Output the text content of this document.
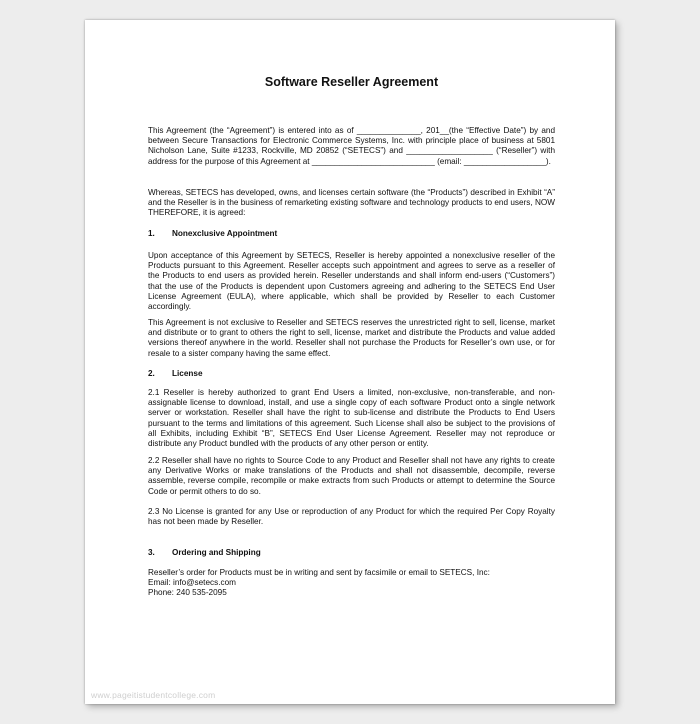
Software Reseller Agreement

This Agreement (the “Agreement”) is entered into as of ______________, 201__(the “Effective Date”) by and between Secure Transactions for Electronic Commerce Systems, Inc. with principle place of business at 5801 Nicholson Lane, Suite #1233, Rockville, MD 20852 (“SETECS”) and ___________________ (“Reseller”) with address for the purpose of this Agreement at ___________________________ (email: __________________).

Whereas, SETECS has developed, owns, and licenses certain software (the “Products”) described in Exhibit “A” and the Reseller is in the business of remarketing existing software and technology products to end users, NOW THEREFORE, it is agreed:

1. Nonexclusive Appointment

Upon acceptance of this Agreement by SETECS, Reseller is hereby appointed a nonexclusive reseller of the Products pursuant to this Agreement. Reseller accepts such appointment and agrees to serve as a reseller of the Products to end users as provided herein. Reseller understands and shall inform end-users (“Customers”) that the use of the Products is dependent upon Customers agreeing and adhering to the SETECS End User License Agreement (EULA), where applicable, which shall be provided by Reseller to each Customer accordingly.

This Agreement is not exclusive to Reseller and SETECS reserves the unrestricted right to sell, license, market and distribute or to grant to others the right to sell, license, market and distribute the Products and value added versions thereof anywhere in the world. Reseller shall not purchase the Products for Reseller’s own use, or for resale to a sister company having the same effect.

2. License

2.1 Reseller is hereby authorized to grant End Users a limited, non-exclusive, non-transferable, and non-assignable license to download, install, and use a single copy of each software Product onto a single network server or workstation. Reseller shall have the right to sub-license and distribute the Products to End Users pursuant to the terms and limitations of this agreement. Such License shall also be subject to the provisions of all Exhibits, including Exhibit “B”, SETECS End User License Agreement. Reseller may not reproduce or distribute any Product bundled with the products of any other person or entity.

2.2 Reseller shall have no rights to Source Code to any Product and Reseller shall not have any rights to create any Derivative Works or make translations of the Products and shall not disassemble, decompile, reverse assemble, reverse compile, recompile or make extracts from such Products or attempt to determine the Source Code or permit others to do so.

2.3 No License is granted for any Use or reproduction of any Product for which the required Per Copy Royalty has not been made by Reseller.

3. Ordering and Shipping
Reseller’s order for Products must be in writing and sent by facsimile or email to SETECS, Inc:
Email: info@setecs.com
Phone: 240 535-2095
www.pageitistudentcollege.com
